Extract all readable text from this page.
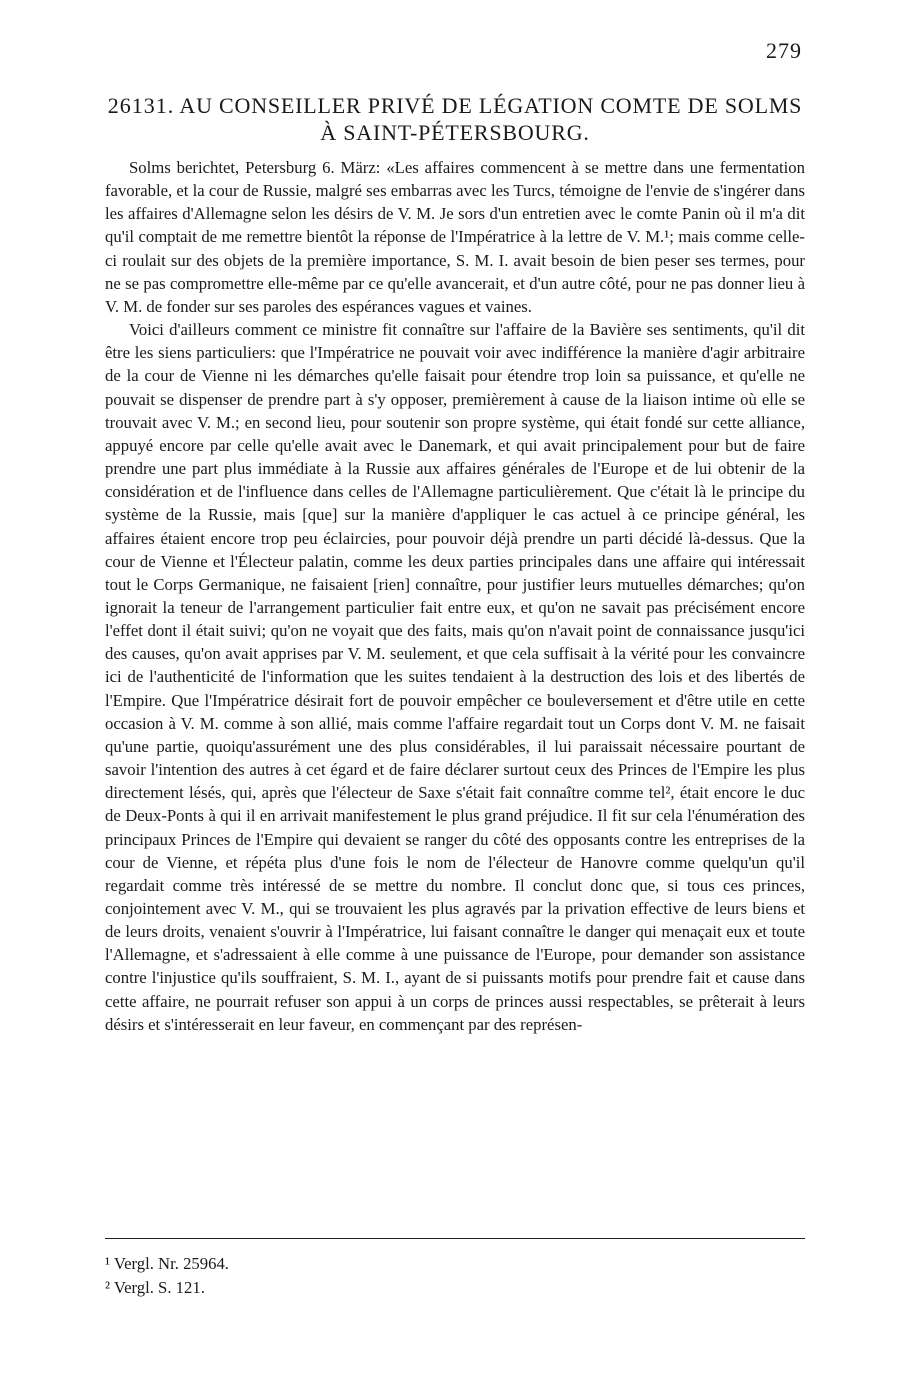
279
26131. AU CONSEILLER PRIVÉ DE LÉGATION COMTE DE SOLMS À SAINT-PÉTERSBOURG.

Solms berichtet, Petersburg 6. März: «Les affaires commencent à se mettre dans une fermentation favorable, et la cour de Russie, malgré ses embarras avec les Turcs, témoigne de l'envie de s'ingérer dans les affaires d'Allemagne selon les désirs de V. M. Je sors d'un entretien avec le comte Panin où il m'a dit qu'il comptait de me remettre bientôt la réponse de l'Impératrice à la lettre de V. M.¹; mais comme celle-ci roulait sur des objets de la première importance, S. M. I. avait besoin de bien peser ses termes, pour ne se pas compromettre elle-même par ce qu'elle avancerait, et d'un autre côté, pour ne pas donner lieu à V. M. de fonder sur ses paroles des espérances vagues et vaines.

Voici d'ailleurs comment ce ministre fit connaître sur l'affaire de la Bavière ses sentiments, qu'il dit être les siens particuliers: que l'Impératrice ne pouvait voir avec indifférence la manière d'agir arbitraire de la cour de Vienne ni les démarches qu'elle faisait pour étendre trop loin sa puissance, et qu'elle ne pouvait se dispenser de prendre part à s'y opposer, premièrement à cause de la liaison intime où elle se trouvait avec V. M.; en second lieu, pour soutenir son propre système, qui était fondé sur cette alliance, appuyé encore par celle qu'elle avait avec le Danemark, et qui avait principalement pour but de faire prendre une part plus immédiate à la Russie aux affaires générales de l'Europe et de lui obtenir de la considération et de l'influence dans celles de l'Allemagne particulièrement. Que c'était là le principe du système de la Russie, mais [que] sur la manière d'appliquer le cas actuel à ce principe général, les affaires étaient encore trop peu éclaircies, pour pouvoir déjà prendre un parti décidé là-dessus. Que la cour de Vienne et l'Électeur palatin, comme les deux parties principales dans une affaire qui intéressait tout le Corps Germanique, ne faisaient [rien] connaître, pour justifier leurs mutuelles démarches; qu'on ignorait la teneur de l'arrangement particulier fait entre eux, et qu'on ne savait pas précisément encore l'effet dont il était suivi; qu'on ne voyait que des faits, mais qu'on n'avait point de connaissance jusqu'ici des causes, qu'on avait apprises par V. M. seulement, et que cela suffisait à la vérité pour les convaincre ici de l'authenticité de l'information que les suites tendaient à la destruction des lois et des libertés de l'Empire. Que l'Impératrice désirait fort de pouvoir empêcher ce bouleversement et d'être utile en cette occasion à V. M. comme à son allié, mais comme l'affaire regardait tout un Corps dont V. M. ne faisait qu'une partie, quoiqu'assurément une des plus considérables, il lui paraissait nécessaire pourtant de savoir l'intention des autres à cet égard et de faire déclarer surtout ceux des Princes de l'Empire les plus directement lésés, qui, après que l'électeur de Saxe s'était fait connaître comme tel², était encore le duc de Deux-Ponts à qui il en arrivait manifestement le plus grand préjudice. Il fit sur cela l'énumération des principaux Princes de l'Empire qui devaient se ranger du côté des opposants contre les entreprises de la cour de Vienne, et répéta plus d'une fois le nom de l'électeur de Hanovre comme quelqu'un qu'il regardait comme très intéressé de se mettre du nombre. Il conclut donc que, si tous ces princes, conjointement avec V. M., qui se trouvaient les plus agravés par la privation effective de leurs biens et de leurs droits, venaient s'ouvrir à l'Impératrice, lui faisant connaître le danger qui menaçait eux et toute l'Allemagne, et s'adressaient à elle comme à une puissance de l'Europe, pour demander son assistance contre l'injustice qu'ils souffraient, S. M. I., ayant de si puissants motifs pour prendre fait et cause dans cette affaire, ne pourrait refuser son appui à un corps de princes aussi respectables, se prêterait à leurs désirs et s'intéresserait en leur faveur, en commençant par des représen-

¹ Vergl. Nr. 25964.

² Vergl. S. 121.
